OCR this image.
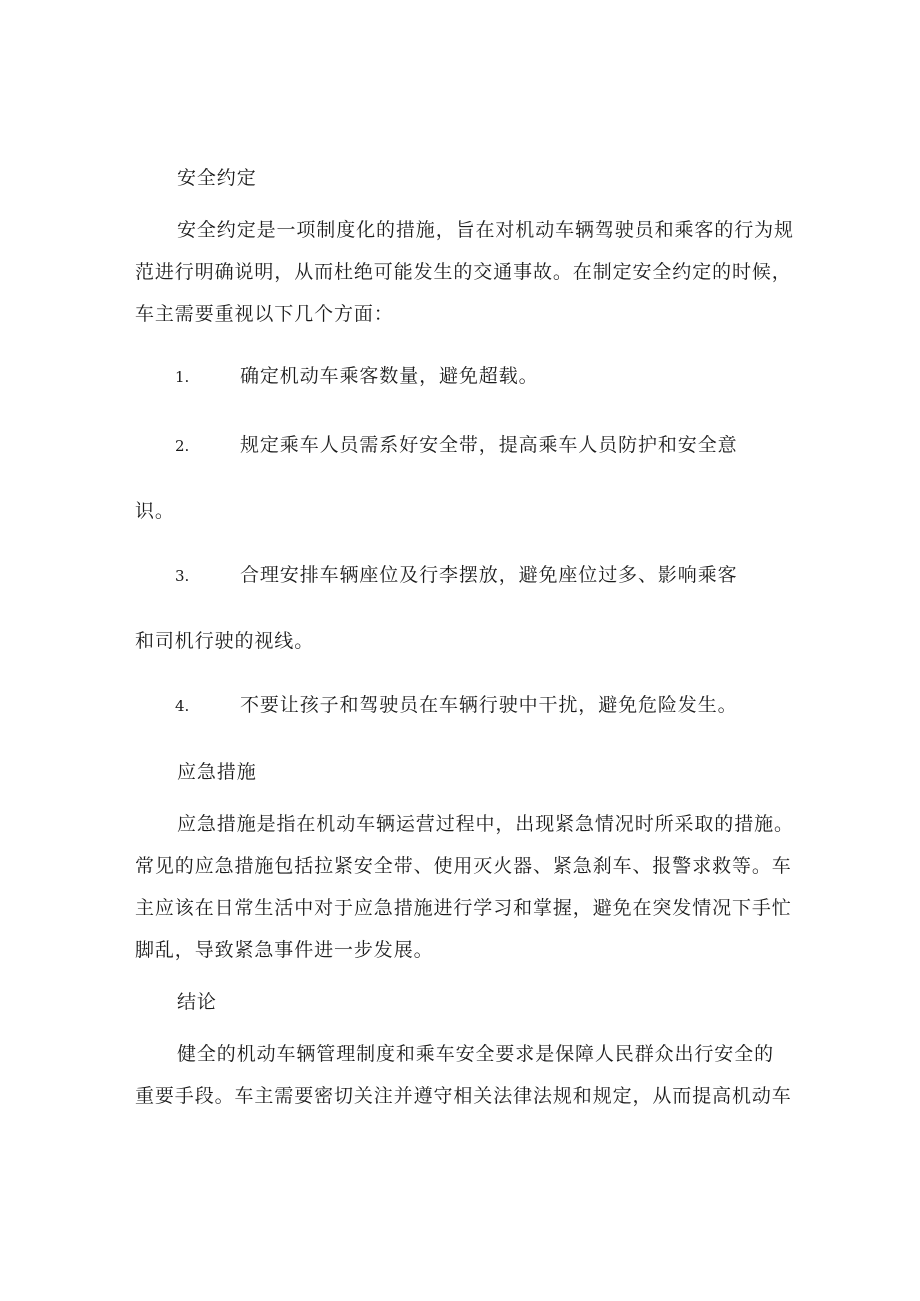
安全约定
安全约定是一项制度化的措施，旨在对机动车辆驾驶员和乘客的行为规
范进行明确说明，从而杜绝可能发生的交通事故。在制定安全约定的时候，
车主需要重视以下几个方面：
1.	确定机动车乘客数量，避免超载。
2.	规定乘车人员需系好安全带，提高乘车人员防护和安全意
识。
3.	合理安排车辆座位及行李摆放，避免座位过多、影响乘客
和司机行驶的视线。
4.	不要让孩子和驾驶员在车辆行驶中干扰，避免危险发生。
应急措施
应急措施是指在机动车辆运营过程中，出现紧急情况时所采取的措施。
常见的应急措施包括拉紧安全带、使用灭火器、紧急刹车、报警求救等。车
主应该在日常生活中对于应急措施进行学习和掌握，避免在突发情况下手忙
脚乱，导致紧急事件进一步发展。
结论
健全的机动车辆管理制度和乘车安全要求是保障人民群众出行安全的
重要手段。车主需要密切关注并遵守相关法律法规和规定，从而提高机动车
